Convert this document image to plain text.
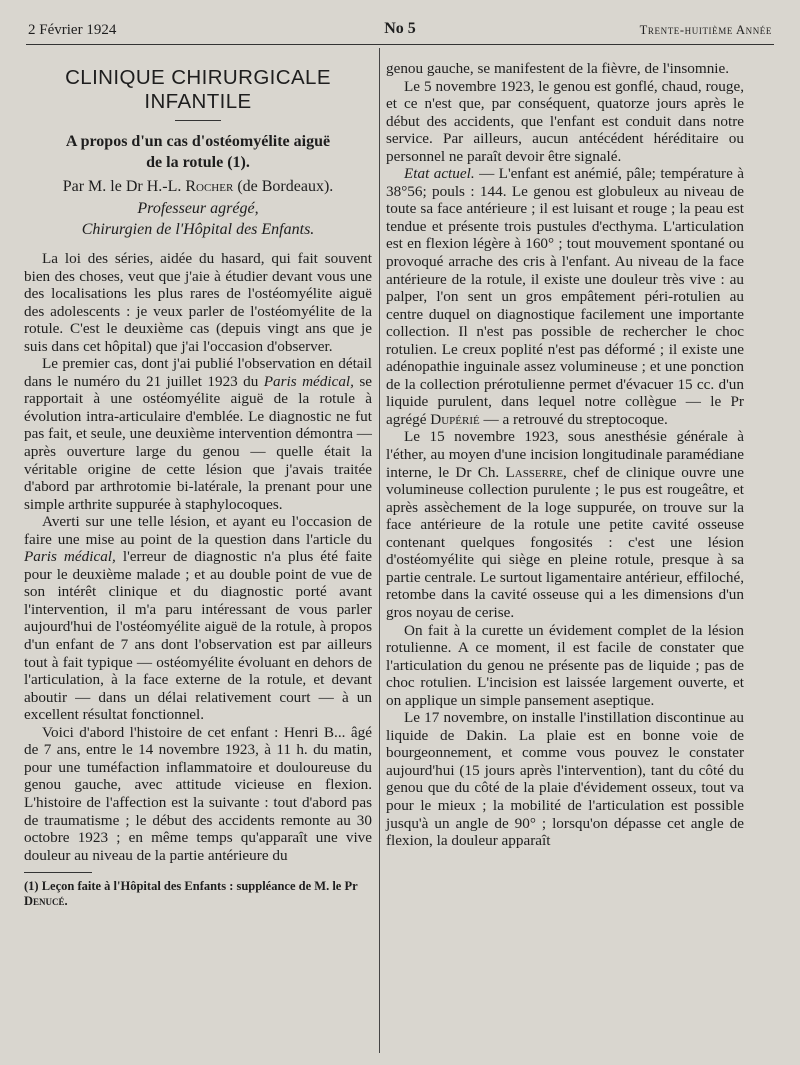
2 Février 1924	No 5	Trente-huitième Année
CLINIQUE CHIRURGICALE
INFANTILE
A propos d'un cas d'ostéomyélite aiguë
de la rotule (1).
Par M. le Dr H.-L. Rocher (de Bordeaux).
Professeur agrégé,
Chirurgien de l'Hôpital des Enfants.

La loi des séries, aidée du hasard, qui fait souvent bien des choses, veut que j'aie à étudier devant vous une des localisations les plus rares de l'ostéomyélite aiguë des adolescents : je veux parler de l'ostéomyélite de la rotule. C'est le deuxième cas (depuis vingt ans que je suis dans cet hôpital) que j'ai l'occasion d'observer.

Le premier cas, dont j'ai publié l'observation en détail dans le numéro du 21 juillet 1923 du Paris médical, se rapportait à une ostéomyélite aiguë de la rotule à évolution intra-articulaire d'emblée. Le diagnostic ne fut pas fait, et seule, une deuxième intervention démontra — après ouverture large du genou — quelle était la véritable origine de cette lésion que j'avais traitée d'abord par arthrotomie bi-latérale, la prenant pour une simple arthrite suppurée à staphylocoques.

Averti sur une telle lésion, et ayant eu l'occasion de faire une mise au point de la question dans l'article du Paris médical, l'erreur de diagnostic n'a plus été faite pour le deuxième malade ; et au double point de vue de son intérêt clinique et du diagnostic porté avant l'intervention, il m'a paru intéressant de vous parler aujourd'hui de l'ostéomyélite aiguë de la rotule, à propos d'un enfant de 7 ans dont l'observation est par ailleurs tout à fait typique — ostéomyélite évoluant en dehors de l'articulation, à la face externe de la rotule, et devant aboutir — dans un délai relativement court — à un excellent résultat fonctionnel.

Voici d'abord l'histoire de cet enfant : Henri B... âgé de 7 ans, entre le 14 novembre 1923, à 11 h. du matin, pour une tuméfaction inflammatoire et douloureuse du genou gauche, avec attitude vicieuse en flexion. L'histoire de l'affection est la suivante : tout d'abord pas de traumatisme ; le début des accidents remonte au 30 octobre 1923 ; en même temps qu'apparaît une vive douleur au niveau de la partie antérieure du

(1) Leçon faite à l'Hôpital des Enfants : suppléance de M. le Pr Denucé.

genou gauche, se manifestent de la fièvre, de l'insomnie.

Le 5 novembre 1923, le genou est gonflé, chaud, rouge, et ce n'est que, par conséquent, quatorze jours après le début des accidents, que l'enfant est conduit dans notre service. Par ailleurs, aucun antécédent héréditaire ou personnel ne paraît devoir être signalé.

Etat actuel. — L'enfant est anémié, pâle; température à 38°56; pouls : 144. Le genou est globuleux au niveau de toute sa face antérieure ; il est luisant et rouge ; la peau est tendue et présente trois pustules d'ecthyma. L'articulation est en flexion légère à 160° ; tout mouvement spontané ou provoqué arrache des cris à l'enfant. Au niveau de la face antérieure de la rotule, il existe une douleur très vive : au palper, l'on sent un gros empâtement péri-rotulien au centre duquel on diagnostique facilement une importante collection. Il n'est pas possible de rechercher le choc rotulien. Le creux poplité n'est pas déformé ; il existe une adénopathie inguinale assez volumineuse ; et une ponction de la collection prérotulienne permet d'évacuer 15 cc. d'un liquide purulent, dans lequel notre collègue — le Pr agrégé Dupérié — a retrouvé du streptocoque.

Le 15 novembre 1923, sous anesthésie générale à l'éther, au moyen d'une incision longitudinale paramédiane interne, le Dr Ch. Lasserre, chef de clinique ouvre une volumineuse collection purulente ; le pus est rougeâtre, et après assèchement de la loge suppurée, on trouve sur la face antérieure de la rotule une petite cavité osseuse contenant quelques fongosités : c'est une lésion d'ostéomyélite qui siège en pleine rotule, presque à sa partie centrale. Le surtout ligamentaire antérieur, effiloché, retombe dans la cavité osseuse qui a les dimensions d'un gros noyau de cerise.

On fait à la curette un évidement complet de la lésion rotulienne. A ce moment, il est facile de constater que l'articulation du genou ne présente pas de liquide ; pas de choc rotulien. L'incision est laissée largement ouverte, et on applique un simple pansement aseptique.

Le 17 novembre, on installe l'instillation discontinue au liquide de Dakin. La plaie est en bonne voie de bourgeonnement, et comme vous pouvez le constater aujourd'hui (15 jours après l'intervention), tant du côté du genou que du côté de la plaie d'évidement osseux, tout va pour le mieux ; la mobilité de l'articulation est possible jusqu'à un angle de 90° ; lorsqu'on dépasse cet angle de flexion, la douleur apparaît
